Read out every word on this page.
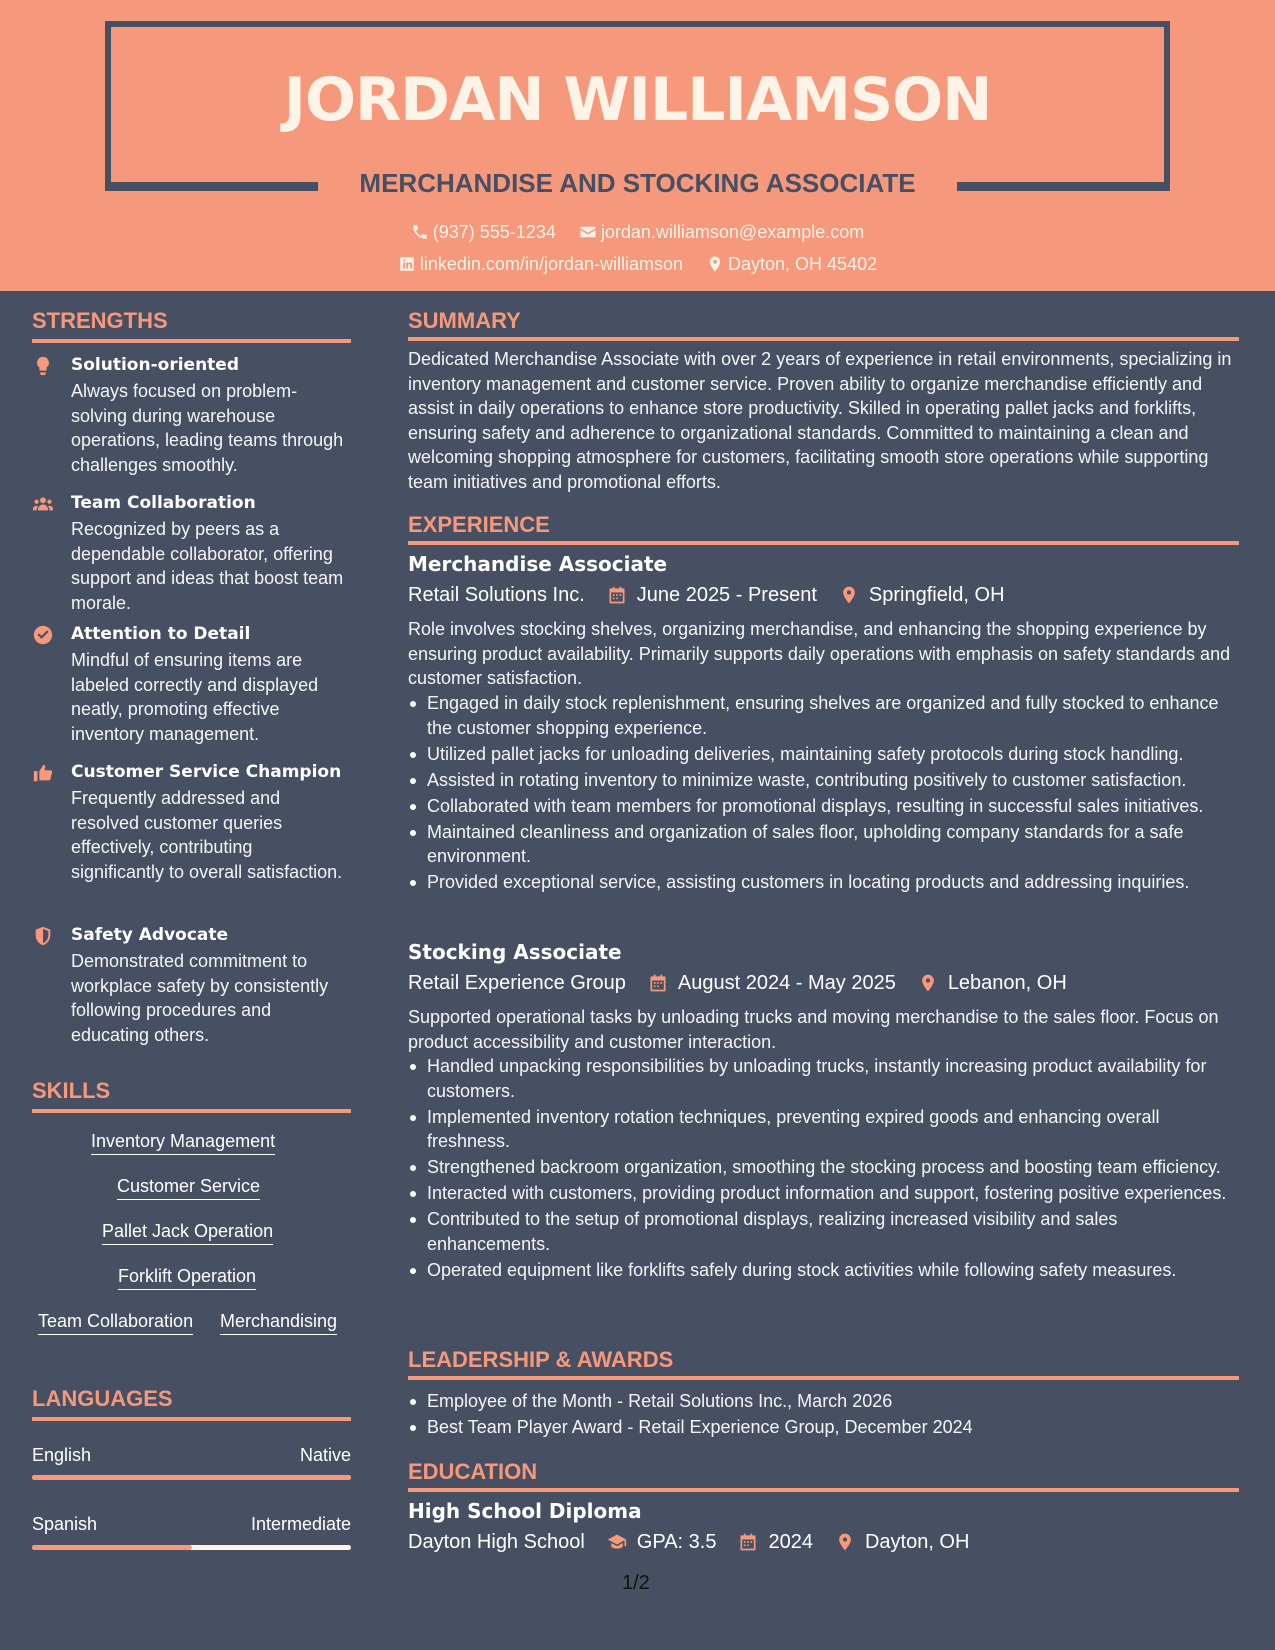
JORDAN WILLIAMSON
MERCHANDISE AND STOCKING ASSOCIATE
(937) 555-1234
	jordan.williamson@example.com
linkedin.com/in/jordan-williamson
	Dayton, OH 45402
STRENGTHS
Solution-oriented
Always focused on problem-solving during warehouse operations, leading teams through challenges smoothly.
Team Collaboration
Recognized by peers as a dependable collaborator, offering support and ideas that boost team morale.
Attention to Detail
Mindful of ensuring items are labeled correctly and displayed neatly, promoting effective inventory management.
Customer Service Champion
Frequently addressed and resolved customer queries effectively, contributing significantly to overall satisfaction.
Safety Advocate
Demonstrated commitment to workplace safety by consistently following procedures and educating others.
SKILLS
Inventory Management
Customer Service
Pallet Jack Operation
Forklift Operation
Team Collaboration Merchandising
LANGUAGES
English	Native
Spanish	Intermediate
SUMMARY
Dedicated Merchandise Associate with over 2 years of experience in retail environments, specializing in inventory management and customer service. Proven ability to organize merchandise efficiently and assist in daily operations to enhance store productivity. Skilled in operating pallet jacks and forklifts, ensuring safety and adherence to organizational standards. Committed to maintaining a clean and welcoming shopping atmosphere for customers, facilitating smooth store operations while supporting team initiatives and promotional efforts.
EXPERIENCE
Merchandise Associate
Retail Solutions Inc.	June 2025 - Present	Springfield, OH
Role involves stocking shelves, organizing merchandise, and enhancing the shopping experience by ensuring product availability. Primarily supports daily operations with emphasis on safety standards and customer satisfaction.
Engaged in daily stock replenishment, ensuring shelves are organized and fully stocked to enhance the customer shopping experience.
Utilized pallet jacks for unloading deliveries, maintaining safety protocols during stock handling.
Assisted in rotating inventory to minimize waste, contributing positively to customer satisfaction.
Collaborated with team members for promotional displays, resulting in successful sales initiatives.
Maintained cleanliness and organization of sales floor, upholding company standards for a safe environment.
Provided exceptional service, assisting customers in locating products and addressing inquiries.
Stocking Associate
Retail Experience Group	August 2024 - May 2025	Lebanon, OH
Supported operational tasks by unloading trucks and moving merchandise to the sales floor. Focus on product accessibility and customer interaction.
Handled unpacking responsibilities by unloading trucks, instantly increasing product availability for customers.
Implemented inventory rotation techniques, preventing expired goods and enhancing overall freshness.
Strengthened backroom organization, smoothing the stocking process and boosting team efficiency.
Interacted with customers, providing product information and support, fostering positive experiences.
Contributed to the setup of promotional displays, realizing increased visibility and sales enhancements.
Operated equipment like forklifts safely during stock activities while following safety measures.
LEADERSHIP & AWARDS
Employee of the Month - Retail Solutions Inc., March 2026
Best Team Player Award - Retail Experience Group, December 2024
EDUCATION
High School Diploma
Dayton High School	GPA: 3.5	2024	Dayton, OH
1/2
